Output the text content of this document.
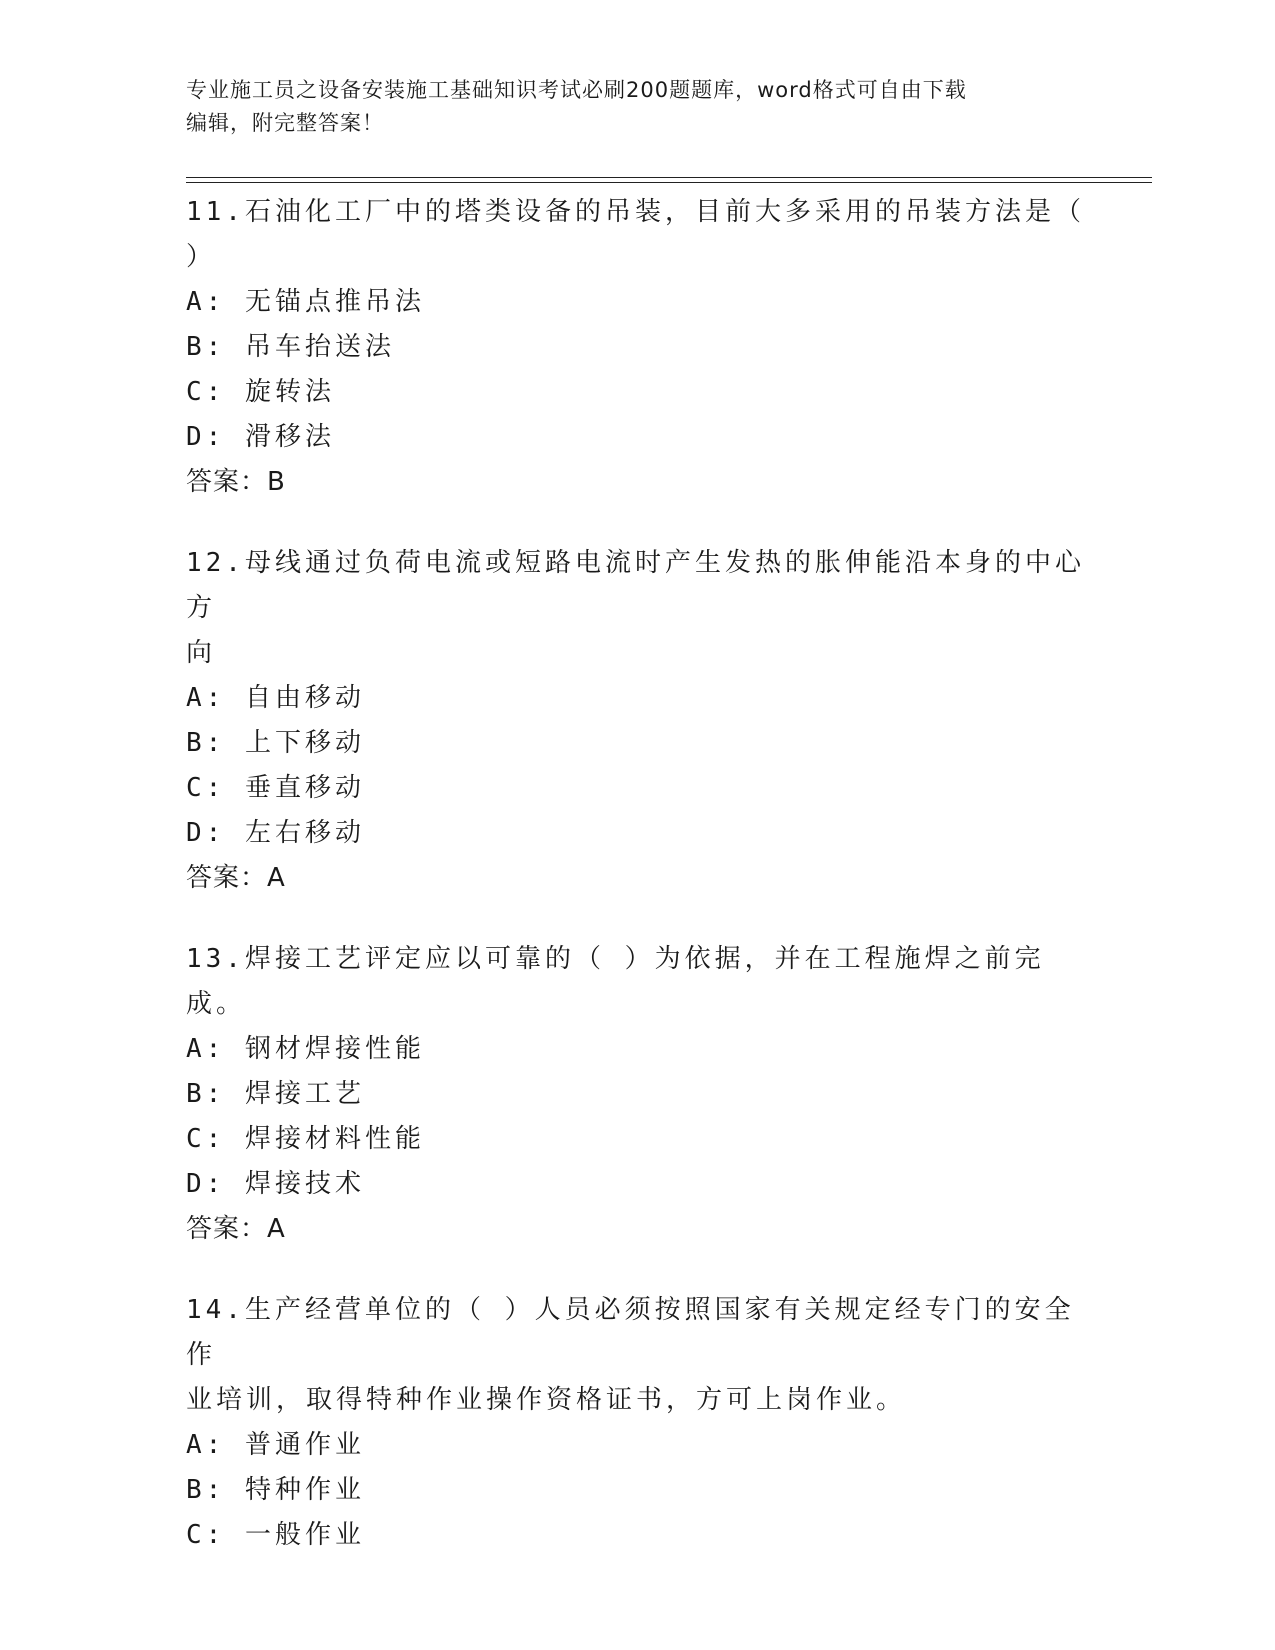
专业施工员之设备安装施工基础知识考试必刷200题题库，word格式可自由下载
编辑，附完整答案！

11.石油化工厂中的塔类设备的吊装，目前大多采用的吊装方法是（

）

A: 无锚点推吊法

B: 吊车抬送法

C: 旋转法

D: 滑移法

答案：B

12.母线通过负荷电流或短路电流时产生发热的胀伸能沿本身的中心方

向

A: 自由移动

B: 上下移动

C: 垂直移动

D: 左右移动

答案：A

13.焊接工艺评定应以可靠的（ ）为依据，并在工程施焊之前完成。

A: 钢材焊接性能

B: 焊接工艺

C: 焊接材料性能

D: 焊接技术

答案：A

14.生产经营单位的（ ）人员必须按照国家有关规定经专门的安全作

业培训，取得特种作业操作资格证书，方可上岗作业。

A: 普通作业

B: 特种作业

C: 一般作业
